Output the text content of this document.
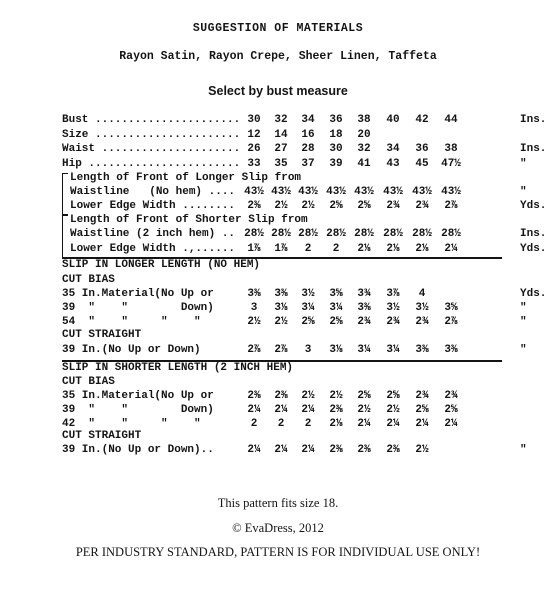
SUGGESTION OF MATERIALS
Rayon Satin, Rayon Crepe, Sheer Linen, Taffeta
Select by bust measure
Bust ...................... 30	32	34	36	38	40	42	44	Ins.
Size ...................... 12	14	16	18	20
Waist ..................... 26	27	28	30	32	34	36	38	Ins.
Hip ....................... 33	35	37	39	41	43	45	47½	"
Length of Front of Longer Slip from
Waistline   (No hem) .... 43½ 43½ 43½ 43½ 43½ 43½ 43½ 43½	"
Lower Edge Width ........	2⅜	2½	2½	2⅝	2⅝	2¾	2¾	2⅞	Yds.
Length of Front of Shorter Slip from
Waistline (2 inch hem) .. 28½ 28½ 28½ 28½ 28½ 28½ 28½ 28½	Ins.
Lower Edge Width .,......	1⅞	1⅞	2	2	2⅛	2⅛	2⅛	2¼	Yds.
SLIP IN LONGER LENGTH (NO HEM)
CUT BIAS
35 In.Material(No Up or	3⅜	3⅜	3½	3⅝	3¾	3⅞	4	Yds.
39  "    "        Down)	3	3⅛	3¼	3¼	3⅜	3½	3½	3⅝	"
54  "    "     "    "	2½	2½	2⅝	2⅝	2¾	2¾	2¾	2⅞	"
CUT STRAIGHT
39 In.(No Up or Down)	2⅞	2⅞	3	3⅛	3¼	3¼	3⅜	3⅜	"
SLIP IN SHORTER LENGTH (2 INCH HEM)
CUT BIAS
35 In.Material(No Up or	2⅜	2⅜	2½	2½	2⅝	2⅝	2¾	2¾
39  "    "        Down)	2¼	2¼	2¼	2⅜	2½	2½	2⅝	2⅝
42  "    "     "    "	2	2	2	2⅛	2¼	2¼	2¼	2¼
CUT STRAIGHT
39 In.(No Up or Down)..	2¼	2¼	2¼	2⅜	2⅜	2⅜	2½	"
This pattern fits size 18.
© EvaDress, 2012
PER INDUSTRY STANDARD, PATTERN IS FOR INDIVIDUAL USE ONLY!
